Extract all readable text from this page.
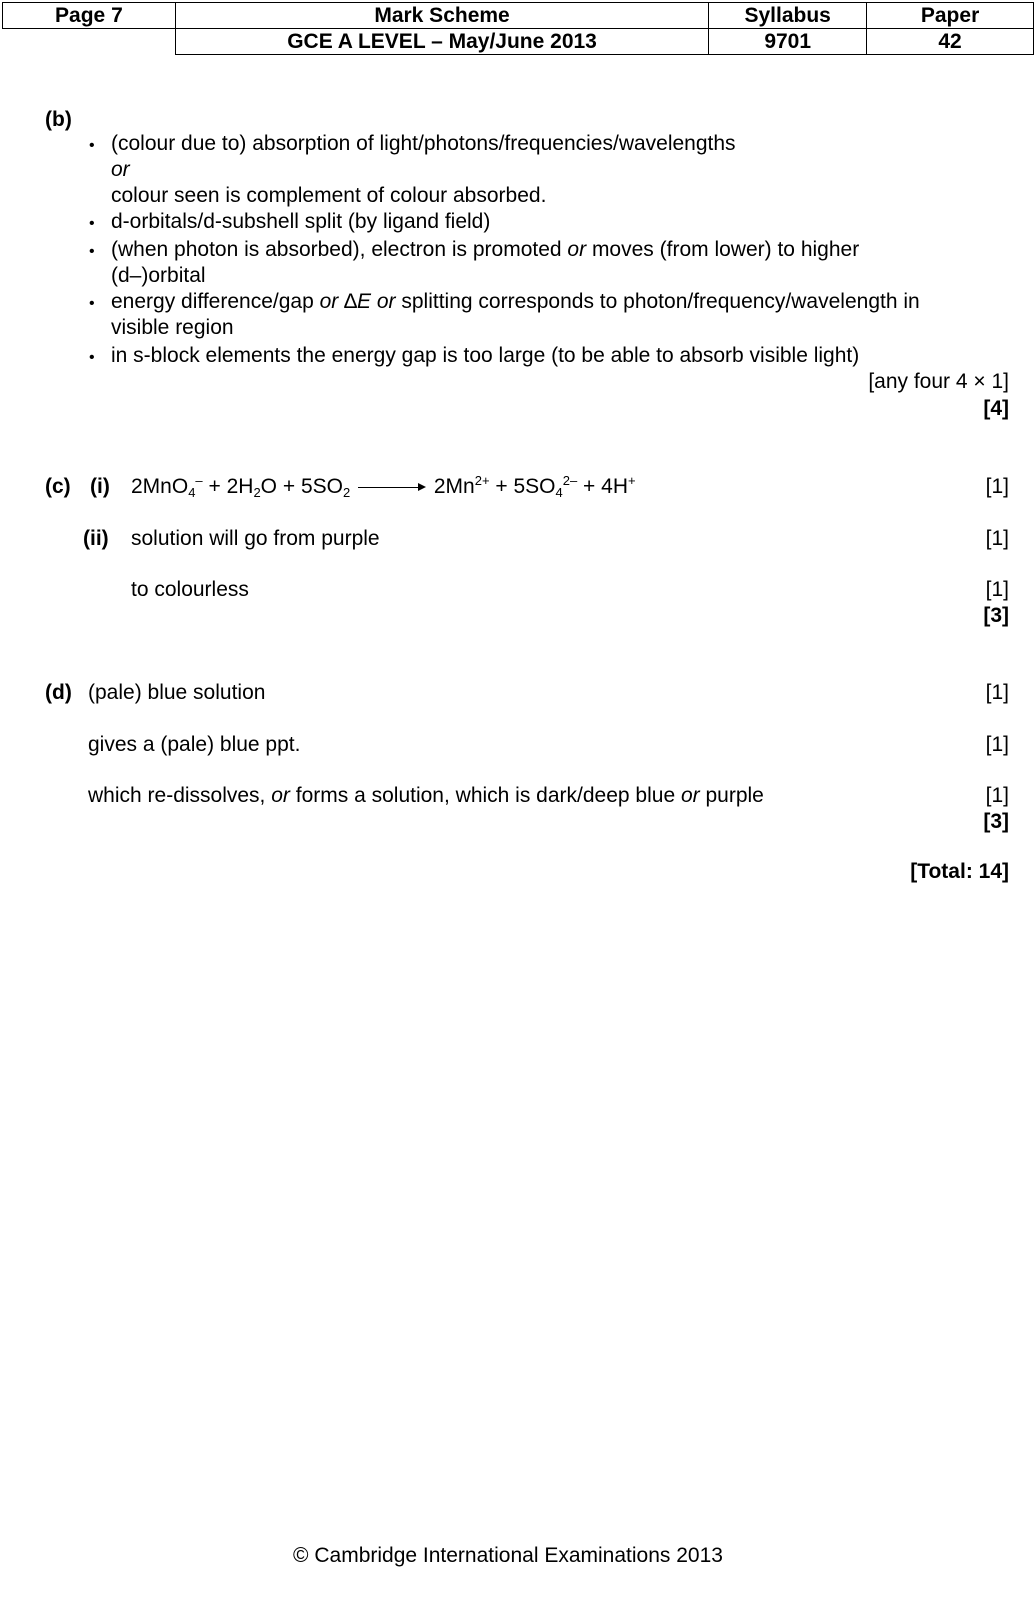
Page 7	Mark Scheme	Syllabus	Paper
	GCE A LEVEL – May/June 2013	9701	42
(b)
• (colour due to) absorption of light/photons/frequencies/wavelengths
or
colour seen is complement of colour absorbed.
• d-orbitals/d-subshell split (by ligand field)
• (when photon is absorbed), electron is promoted or moves (from lower) to higher
(d–)orbital
• energy difference/gap or ∆E or splitting corresponds to photon/frequency/wavelength in
visible region
• in s-block elements the energy gap is too large (to be able to absorb visible light)
[any four 4 × 1]
[4]
(c) (i) $2MnO_4^- + 2H_2O + 5SO_2$	$2Mn^{2+} + 5SO_4^{2-} + 4H^+$	[1]
(ii) solution will go from purple	[1]
to colourless	[1]
[3]
(d) (pale) blue solution	[1]
gives a (pale) blue ppt.	[1]
which re-dissolves, or forms a solution, which is dark/deep blue or purple	[1]
[3]
[Total: 14]
© Cambridge International Examinations 2013
